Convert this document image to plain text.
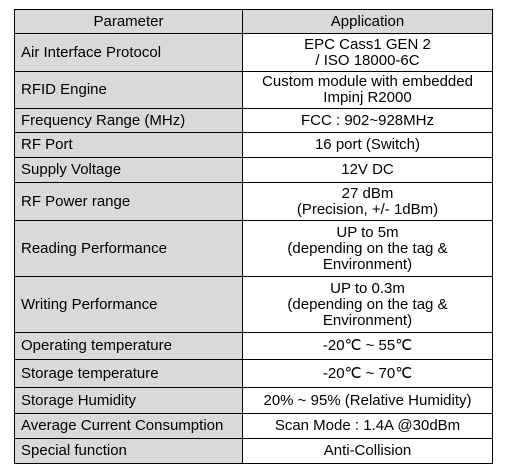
Parameter	Application
Air Interface Protocol	EPC Cass1 GEN 2
/ ISO 18000-6C
RFID Engine	Custom module with embedded
Impinj R2000
Frequency Range (MHz)	FCC : 902~928MHz
RF Port	16 port (Switch)
Supply Voltage	12V DC
RF Power range	27 dBm
(Precision, +/- 1dBm)
Reading Performance	UP to 5m
(depending on the tag &
Environment)
Writing Performance	UP to 0.3m
(depending on the tag &
Environment)
Operating temperature	-20℃ ~ 55℃
Storage temperature	-20℃ ~ 70℃
Storage Humidity	20% ~ 95% (Relative Humidity)
Average Current Consumption	Scan Mode : 1.4A @30dBm
Special function	Anti-Collision
